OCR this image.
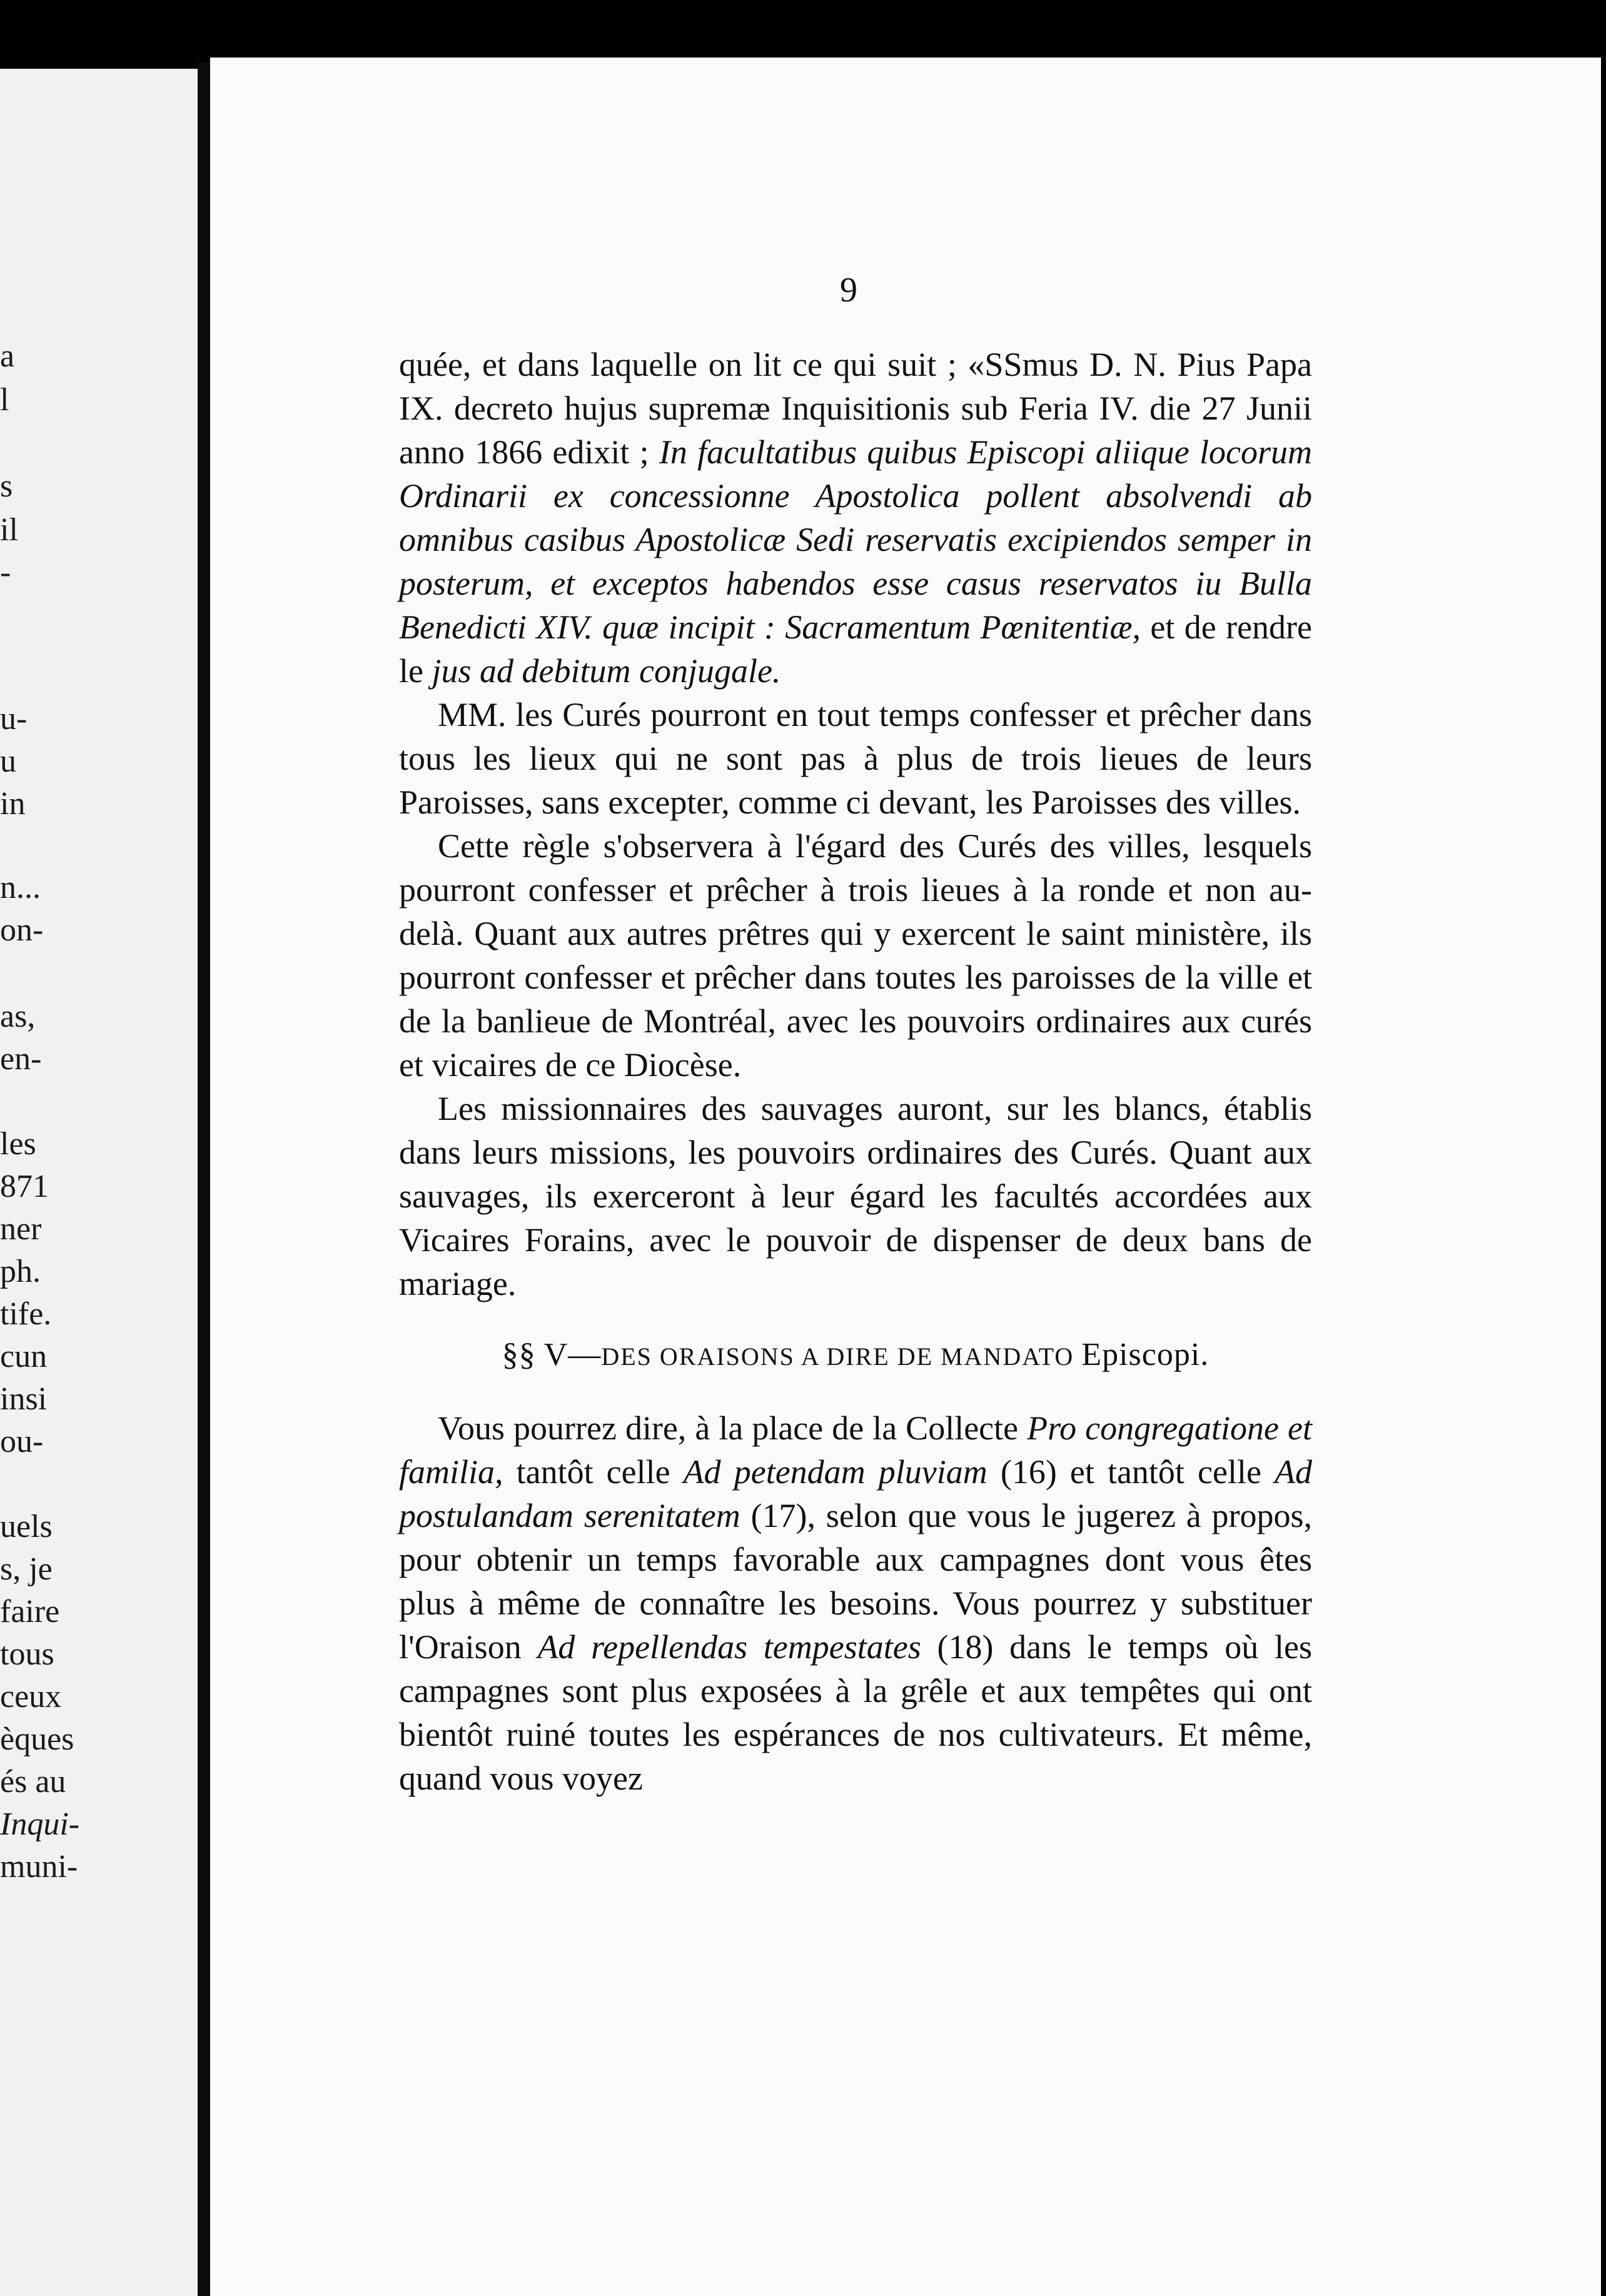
a
l
s
il
-
u-
u
in
n...
on-
as,
en-
les
871
ner
ph.
tife.
cun
insi
ou-
uels
s, je
faire
tous
ceux
èques
és au
Inqui-
muni-
9

quée, et dans laquelle on lit ce qui suit ; «SSmus D. N. Pius Papa IX. decreto hujus supremæ Inquisitionis sub Feria IV. die 27 Junii anno 1866 edixit ; In facultatibus quibus Episcopi aliique locorum Ordinarii ex concessionne Apostolica pollent absolvendi ab omnibus casibus Apostolicæ Sedi reservatis excipiendos semper in posterum, et exceptos habendos esse casus reservatos iu Bulla Benedicti XIV. quæ incipit : Sacramentum Pœnitentiæ, et de rendre le jus ad debitum conjugale.

MM. les Curés pourront en tout temps confesser et prêcher dans tous les lieux qui ne sont pas à plus de trois lieues de leurs Paroisses, sans excepter, comme ci devant, les Paroisses des villes.

Cette règle s'observera à l'égard des Curés des villes, lesquels pourront confesser et prêcher à trois lieues à la ronde et non au-delà. Quant aux autres prêtres qui y exercent le saint ministère, ils pourront confesser et prêcher dans toutes les paroisses de la ville et de la banlieue de Montréal, avec les pouvoirs ordinaires aux curés et vicaires de ce Diocèse.

Les missionnaires des sauvages auront, sur les blancs, établis dans leurs missions, les pouvoirs ordinaires des Curés. Quant aux sauvages, ils exerceront à leur égard les facultés accordées aux Vicaires Forains, avec le pouvoir de dispenser de deux bans de mariage.

§§ V—DES ORAISONS A DIRE DE MANDATO Episcopi.

Vous pourrez dire, à la place de la Collecte Pro congregatione et familia, tantôt celle Ad petendam pluviam (16) et tantôt celle Ad postulandam serenitatem (17), selon que vous le jugerez à propos, pour obtenir un temps favorable aux campagnes dont vous êtes plus à même de connaître les besoins. Vous pourrez y substituer l'Oraison Ad repellendas tempestates (18) dans le temps où les campagnes sont plus exposées à la grêle et aux tempêtes qui ont bientôt ruiné toutes les espérances de nos cultivateurs. Et même, quand vous voyez
